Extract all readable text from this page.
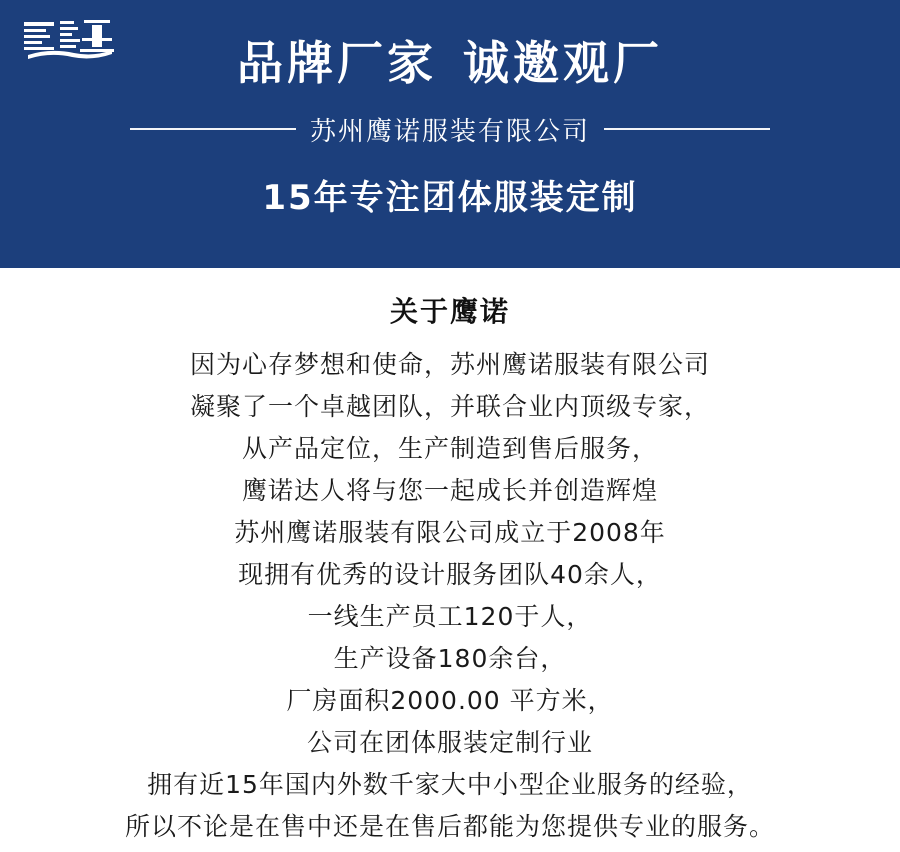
品牌厂家 诚邀观厂
苏州鹰诺服装有限公司
15年专注团体服装定制
关于鹰诺
因为心存梦想和使命，苏州鹰诺服装有限公司
凝聚了一个卓越团队，并联合业内顶级专家，
从产品定位，生产制造到售后服务，
鹰诺达人将与您一起成长并创造辉煌
苏州鹰诺服装有限公司成立于2008年
现拥有优秀的设计服务团队40余人，
一线生产员工120于人，
生产设备180余台，
厂房面积2000.00 平方米，
公司在团体服装定制行业
拥有近15年国内外数千家大中小型企业服务的经验，
所以不论是在售中还是在售后都能为您提供专业的服务。
